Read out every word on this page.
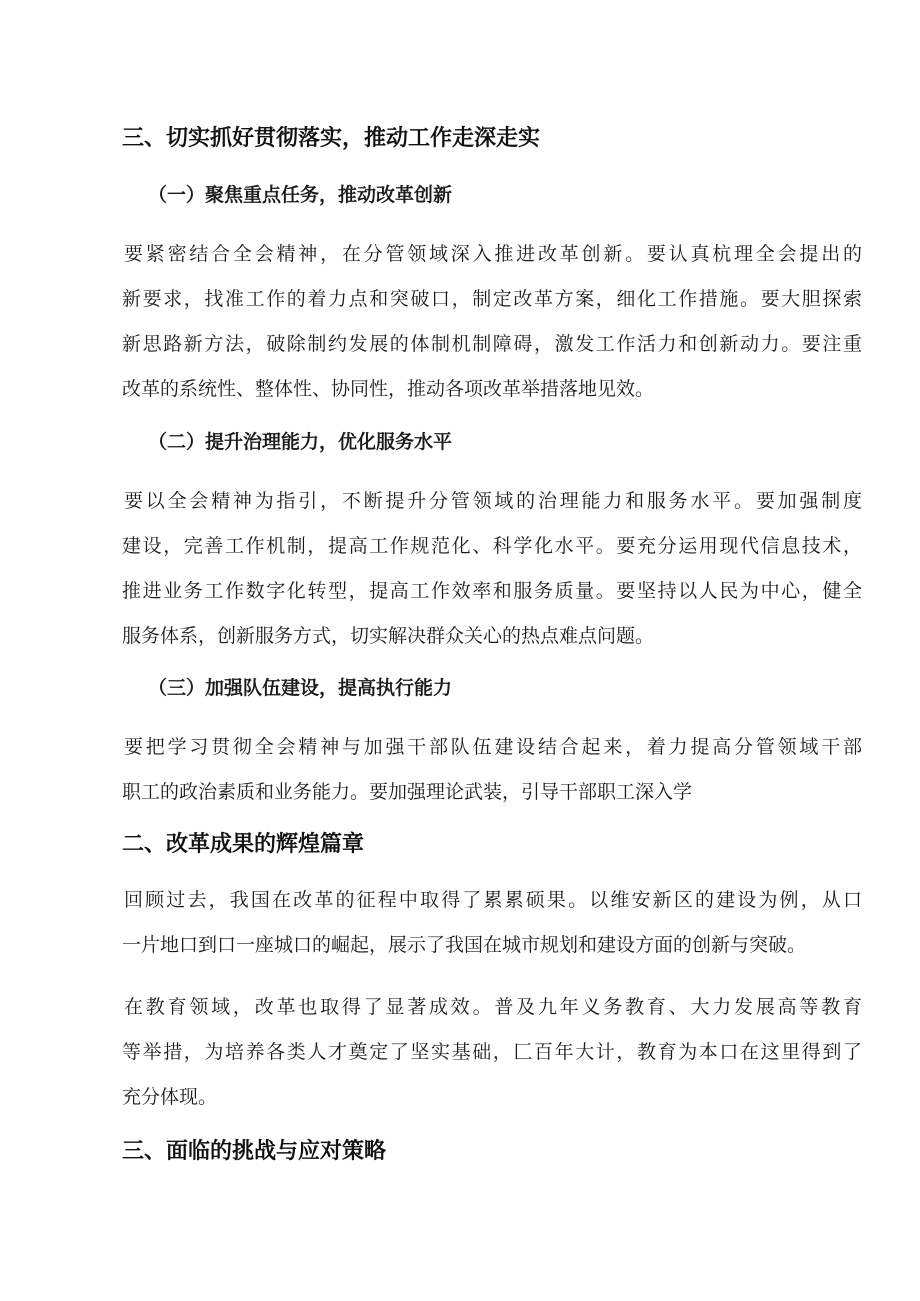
三、切实抓好贯彻落实，推动工作走深走实
（一）聚焦重点任务，推动改革创新
要紧密结合全会精神，在分管领域深入推进改革创新。要认真杭理全会提出的
新要求，找准工作的着力点和突破口，制定改革方案，细化工作措施。要大胆探索
新思路新方法，破除制约发展的体制机制障碍，激发工作活力和创新动力。要注重
改革的系统性、整体性、协同性，推动各项改革举措落地见效。
（二）提升治理能力，优化服务水平
要以全会精神为指引，不断提升分管领域的治理能力和服务水平。要加强制度
建设，完善工作机制，提高工作规范化、科学化水平。要充分运用现代信息技术，
推进业务工作数字化转型，提高工作效率和服务质量。要坚持以人民为中心，健全
服务体系，创新服务方式，切实解决群众关心的热点难点问题。
（三）加强队伍建设，提高执行能力
要把学习贯彻全会精神与加强干部队伍建设结合起来，着力提高分管领域干部
职工的政治素质和业务能力。要加强理论武装，引导干部职工深入学
二、改革成果的辉煌篇章
回顾过去，我国在改革的征程中取得了累累硕果。以维安新区的建设为例，从口
一片地口到口一座城口的崛起，展示了我国在城市规划和建设方面的创新与突破。
在教育领域，改革也取得了显著成效。普及九年义务教育、大力发展高等教育
等举措，为培养各类人才奠定了坚实基础，匚百年大计，教育为本口在这里得到了
充分体现。
三、面临的挑战与应对策略
